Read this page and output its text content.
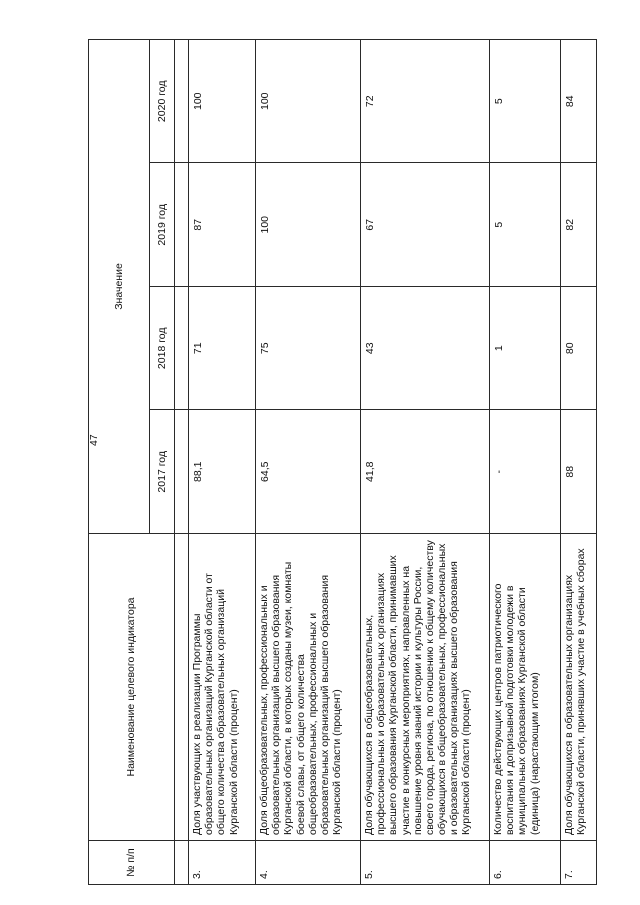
47
№ п/п	Наименование целевого индикатора	Значение			
		2017 год	2018 год	2019 год	2020 год

3.	Доля участвующих в реализации Программы образовательных организаций Курганской области от общего количества образовательных организаций Курганской области (процент)	88,1	71	87	100
4.	Доля общеобразовательных, профессиональных и образовательных организаций высшего образования Курганской области, в которых созданы музеи, комнаты боевой славы, от общего количества общеобразовательных, профессиональных и образовательных организаций высшего образования Курганской области (процент)	64,5	75	100	100
5.	Доля обучающихся в общеобразовательных, профессиональных и образовательных организациях высшего образования Курганской области, принимавших участие в конкурсных мероприятиях, направленных на повышение уровня знаний истории и культуры России, своего города, региона, по отношению к общему количеству обучающихся в общеобразовательных, профессиональных и образовательных организациях высшего образования Курганской области (процент)	41,8	43	67	72
6.	Количество действующих центров патриотического воспитания и допризывной подготовки молодежи в муниципальных образованиях Курганской области (единица) (нарастающим итогом)	-	1	5	5
7.	Доля обучающихся в образовательных организациях Курганской области, принявших участие в учебных сборах	88	80	82	84
